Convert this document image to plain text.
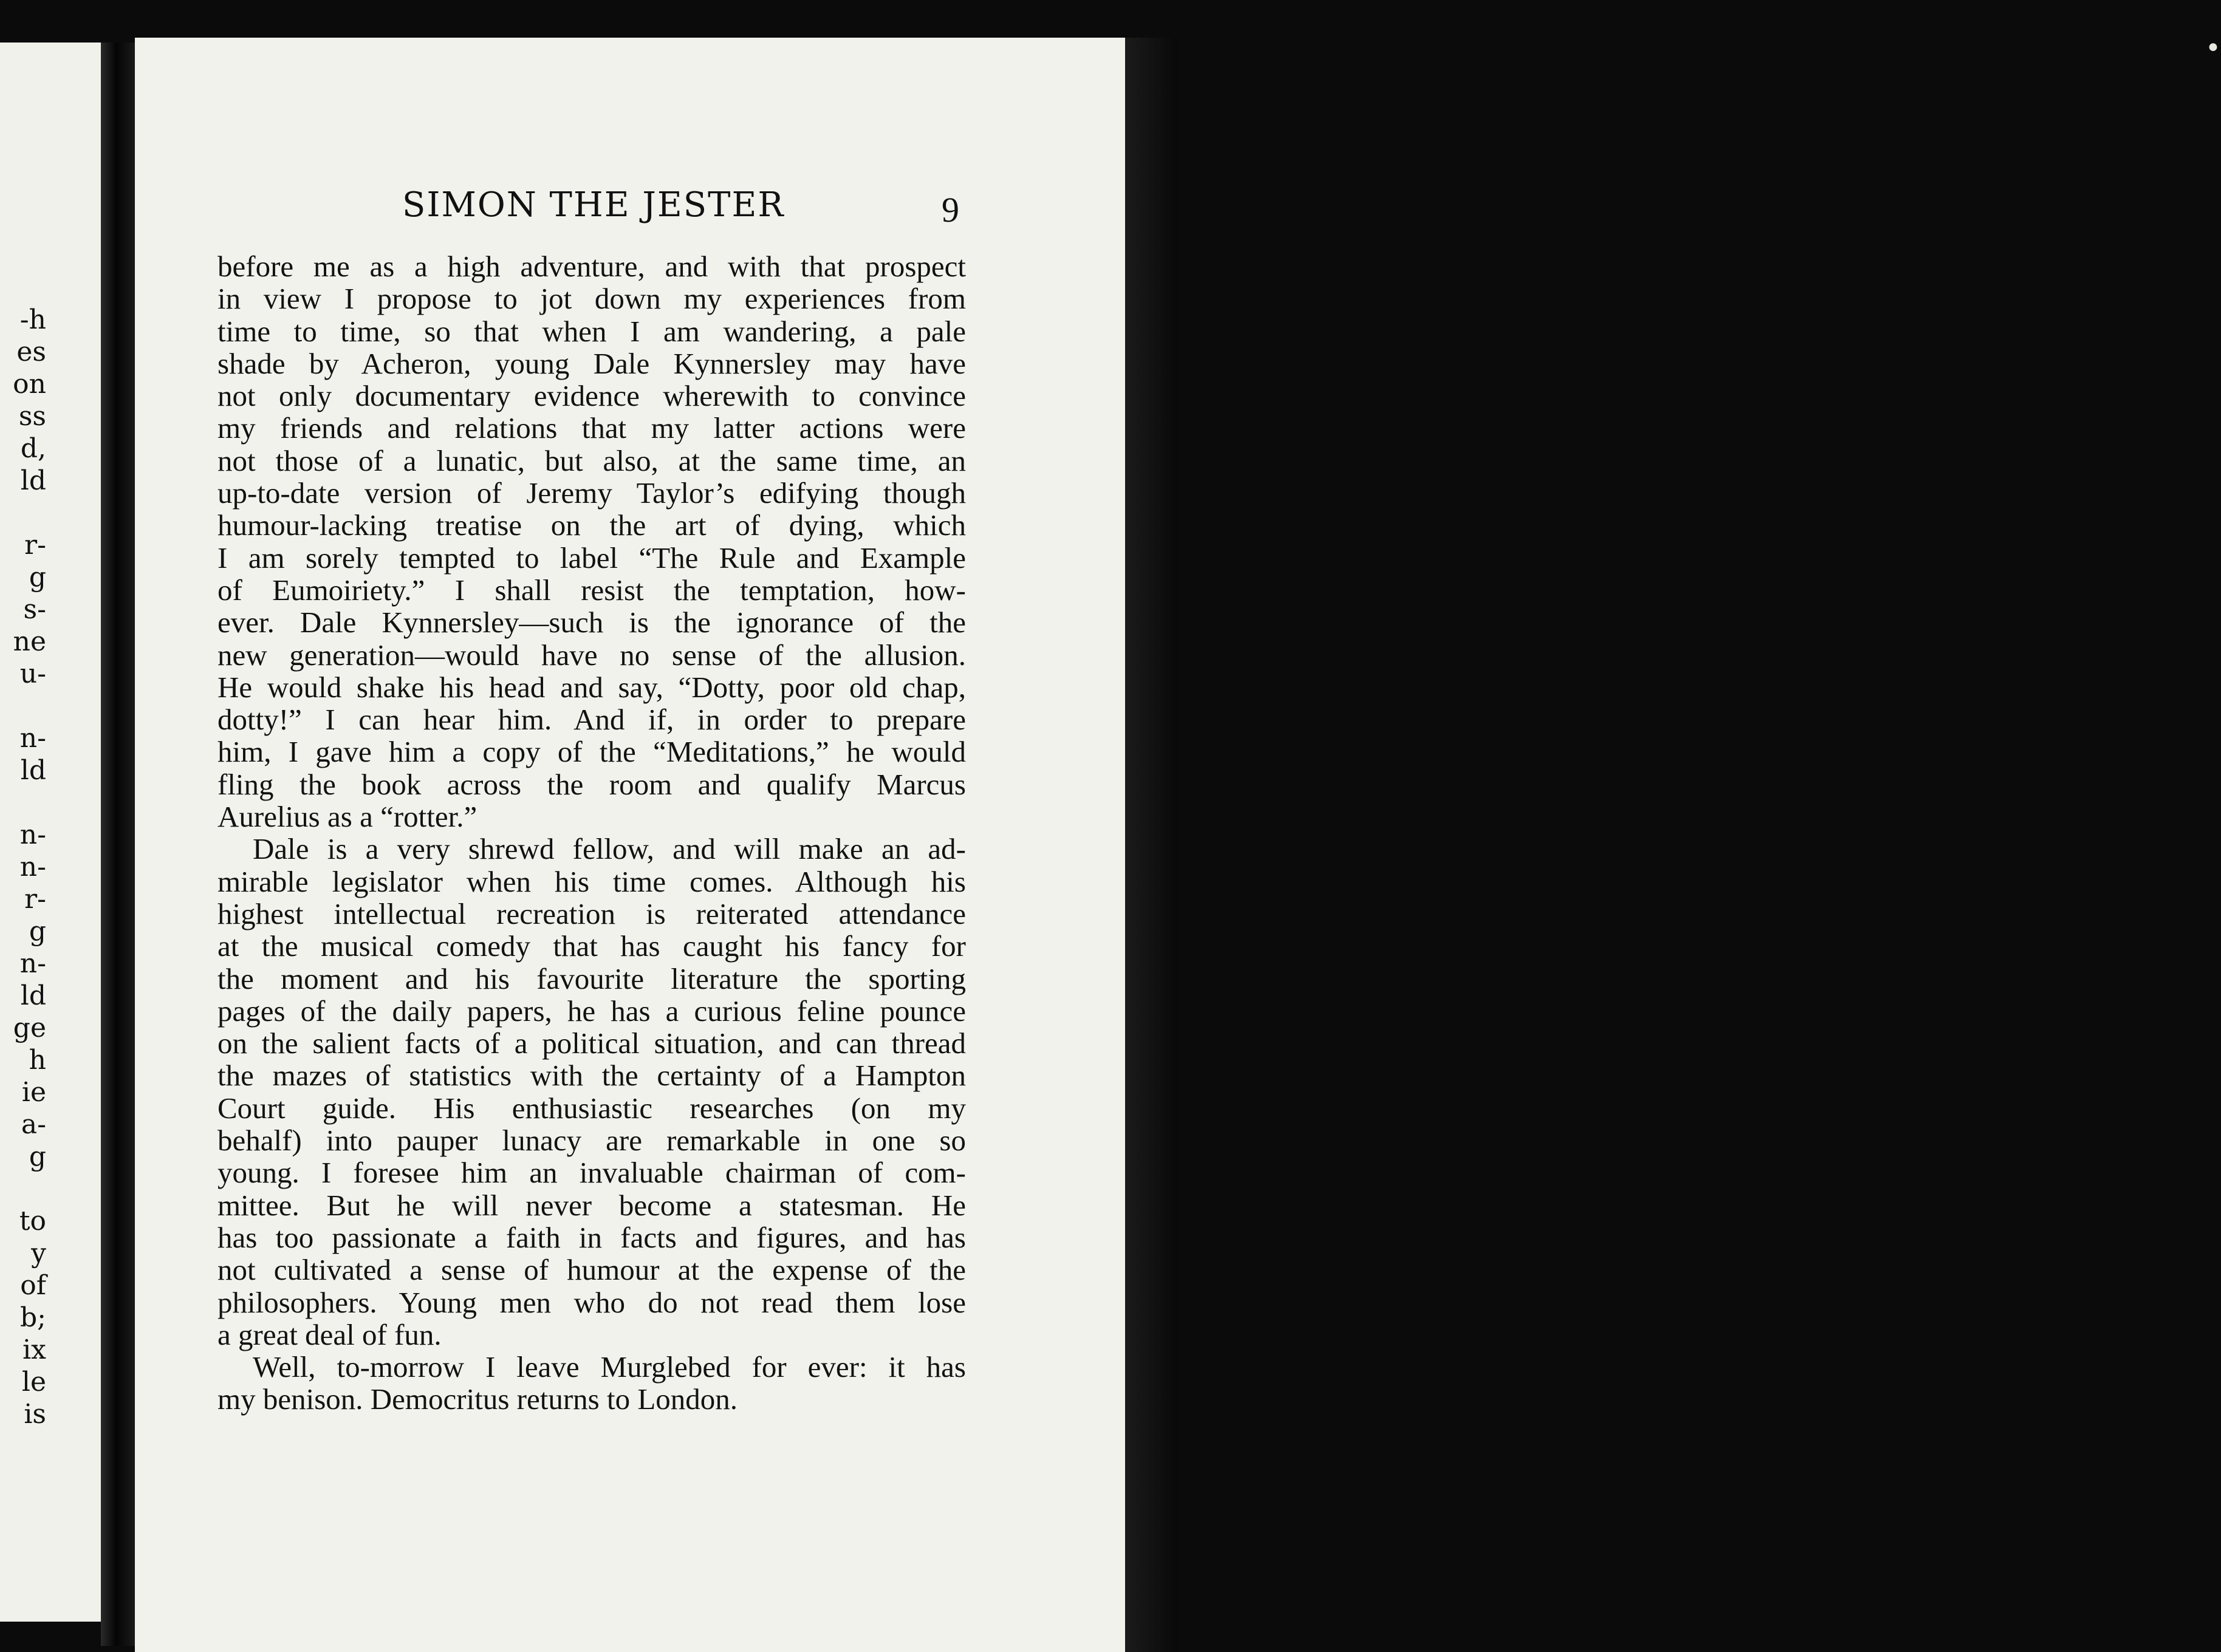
-h
es
on
ss
d,
ld
r-
g
s-
ne
u-
n-
ld
n-
n-
r-
g
n-
ld
ge
h
ie
a-
g
to
y
of
b;
ix
le
is
SIMON THE JESTER	9
before me as a high adventure, and with that prospect
in view I propose to jot down my experiences from
time to time, so that when I am wandering, a pale
shade by Acheron, young Dale Kynnersley may have
not only documentary evidence wherewith to convince
my friends and relations that my latter actions were
not those of a lunatic, but also, at the same time, an
up-to-date version of Jeremy Taylor’s edifying though
humour-lacking treatise on the art of dying, which
I am sorely tempted to label “The Rule and Example
of Eumoiriety.” I shall resist the temptation, how-
ever. Dale Kynnersley—such is the ignorance of the
new generation—would have no sense of the allusion.
He would shake his head and say, “Dotty, poor old chap,
dotty!” I can hear him. And if, in order to prepare
him, I gave him a copy of the “Meditations,” he would
fling the book across the room and qualify Marcus
Aurelius as a “rotter.”
Dale is a very shrewd fellow, and will make an ad-
mirable legislator when his time comes. Although his
highest intellectual recreation is reiterated attendance
at the musical comedy that has caught his fancy for
the moment and his favourite literature the sporting
pages of the daily papers, he has a curious feline pounce
on the salient facts of a political situation, and can thread
the mazes of statistics with the certainty of a Hampton
Court guide. His enthusiastic researches (on my
behalf) into pauper lunacy are remarkable in one so
young. I foresee him an invaluable chairman of com-
mittee. But he will never become a statesman. He
has too passionate a faith in facts and figures, and has
not cultivated a sense of humour at the expense of the
philosophers. Young men who do not read them lose
a great deal of fun.
Well, to-morrow I leave Murglebed for ever: it has
my benison. Democritus returns to London.
•
